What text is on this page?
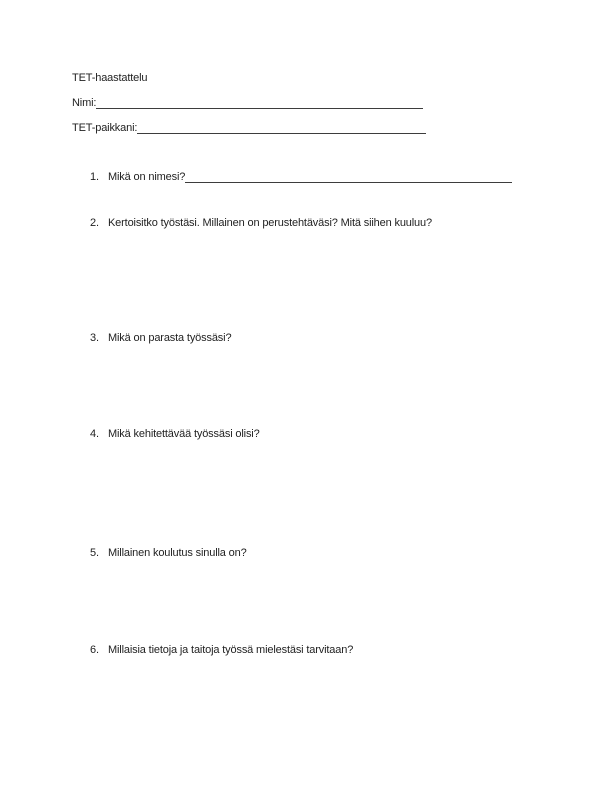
TET-haastattelu
Nimi:
TET-paikkani:
1. Mikä on nimesi?
2. Kertoisitko työstäsi. Millainen on perustehtäväsi? Mitä siihen kuuluu?
3. Mikä on parasta työssäsi?
4. Mikä kehitettävää työssäsi olisi?
5. Millainen koulutus sinulla on?
6. Millaisia tietoja ja taitoja työssä mielestäsi tarvitaan?
